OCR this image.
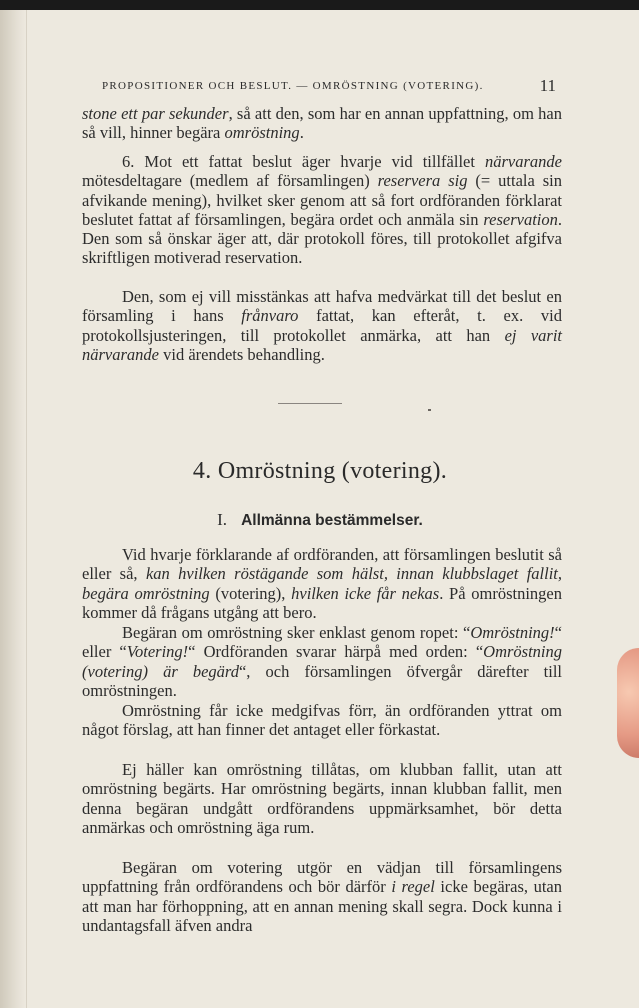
PROPOSITIONER OCH BESLUT. — OMRÖSTNING (VOTERING).	11

stone ett par sekunder, så att den, som har en annan uppfattning, om han så vill, hinner begära omröstning.

6. Mot ett fattat beslut äger hvarje vid tillfället närvarande mötesdeltagare (medlem af församlingen) reservera sig (= uttala sin afvikande mening), hvilket sker genom att så fort ordföranden förklarat beslutet fattat af församlingen, begära ordet och anmäla sin reservation. Den som så önskar äger att, där protokoll föres, till protokollet afgifva skriftligen motiverad reservation.

Den, som ej vill misstänkas att hafva medvärkat till det beslut en församling i hans frånvaro fattat, kan efteråt, t. ex. vid protokollsjusteringen, till protokollet anmärka, att han ej varit närvarande vid ärendets behandling.

4. Omröstning (votering).
I. Allmänna bestämmelser.

Vid hvarje förklarande af ordföranden, att församlingen beslutit så eller så, kan hvilken röstägande som hälst, innan klubbslaget fallit, begära omröstning (votering), hvilken icke får nekas. På omröstningen kommer då frågans utgång att bero.

Begäran om omröstning sker enklast genom ropet: “Omröstning!“ eller “Votering!“ Ordföranden svarar härpå med orden: “Omröstning (votering) är begärd“, och församlingen öfvergår därefter till omröstningen.

Omröstning får icke medgifvas förr, än ordföranden yttrat om något förslag, att han finner det antaget eller förkastat.

Ej häller kan omröstning tillåtas, om klubban fallit, utan att omröstning begärts. Har omröstning begärts, innan klubban fallit, men denna begäran undgått ordförandens uppmärksamhet, bör detta anmärkas och omröstning äga rum.

Begäran om votering utgör en vädjan till församlingens uppfattning från ordförandens och bör därför i regel icke begäras, utan att man har förhoppning, att en annan mening skall segra. Dock kunna i undantagsfall äfven andra
